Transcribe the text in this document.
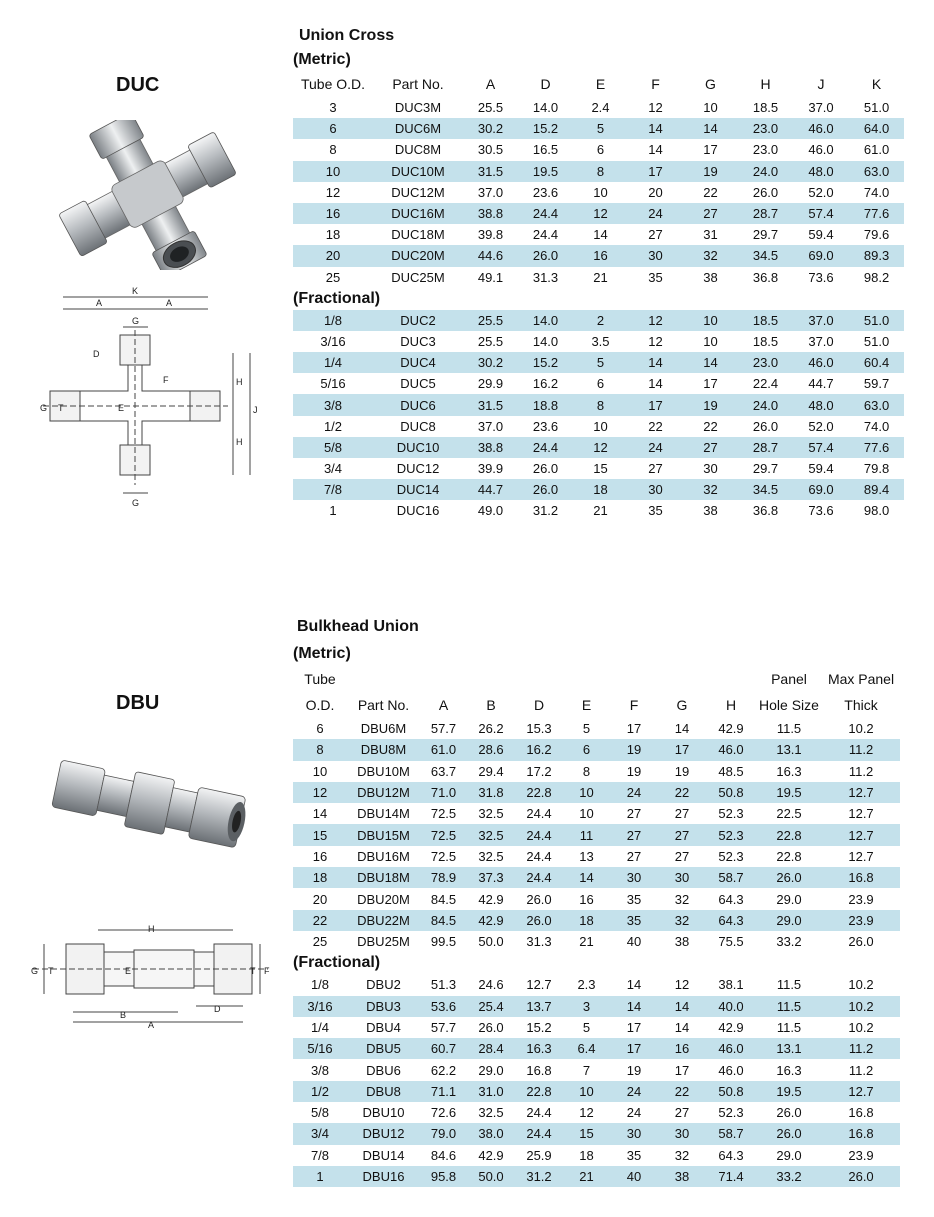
DUC
Union Cross
K
A	A
G
D
F	H
H
J
G T	E
G
(Metric)									
Tube O.D.	Part No.	A	D	E	F	G	H	J	K
3	DUC3M	25.5	14.0	2.4	12	10	18.5	37.0	51.0
6	DUC6M	30.2	15.2	5	14	14	23.0	46.0	64.0
8	DUC8M	30.5	16.5	6	14	17	23.0	46.0	61.0
10	DUC10M	31.5	19.5	8	17	19	24.0	48.0	63.0
12	DUC12M	37.0	23.6	10	20	22	26.0	52.0	74.0
16	DUC16M	38.8	24.4	12	24	27	28.7	57.4	77.6
18	DUC18M	39.8	24.4	14	27	31	29.7	59.4	79.6
20	DUC20M	44.6	26.0	16	30	32	34.5	69.0	89.3
25	DUC25M	49.1	31.3	21	35	38	36.8	73.6	98.2
(Fractional)									
1/8	DUC2	25.5	14.0	2	12	10	18.5	37.0	51.0
3/16	DUC3	25.5	14.0	3.5	12	10	18.5	37.0	51.0
1/4	DUC4	30.2	15.2	5	14	14	23.0	46.0	60.4
5/16	DUC5	29.9	16.2	6	14	17	22.4	44.7	59.7
3/8	DUC6	31.5	18.8	8	17	19	24.0	48.0	63.0
1/2	DUC8	37.0	23.6	10	22	22	26.0	52.0	74.0
5/8	DUC10	38.8	24.4	12	24	27	28.7	57.4	77.6
3/4	DUC12	39.9	26.0	15	27	30	29.7	59.4	79.8
7/8	DUC14	44.7	26.0	18	30	32	34.5	69.0	89.4
1	DUC16	49.0	31.2	21	35	38	36.8	73.6	98.0
DBU
Bulkhead Union
H
G T	E	T F
B
D
A
(Metric)										
Tube									Panel	Max Panel
O.D.	Part No.	A	B	D	E	F	G	H	Hole Size	Thick
6	DBU6M	57.7	26.2	15.3	5	17	14	42.9	11.5	10.2
8	DBU8M	61.0	28.6	16.2	6	19	17	46.0	13.1	11.2
10	DBU10M	63.7	29.4	17.2	8	19	19	48.5	16.3	11.2
12	DBU12M	71.0	31.8	22.8	10	24	22	50.8	19.5	12.7
14	DBU14M	72.5	32.5	24.4	10	27	27	52.3	22.5	12.7
15	DBU15M	72.5	32.5	24.4	11	27	27	52.3	22.8	12.7
16	DBU16M	72.5	32.5	24.4	13	27	27	52.3	22.8	12.7
18	DBU18M	78.9	37.3	24.4	14	30	30	58.7	26.0	16.8
20	DBU20M	84.5	42.9	26.0	16	35	32	64.3	29.0	23.9
22	DBU22M	84.5	42.9	26.0	18	35	32	64.3	29.0	23.9
25	DBU25M	99.5	50.0	31.3	21	40	38	75.5	33.2	26.0
(Fractional)										
1/8	DBU2	51.3	24.6	12.7	2.3	14	12	38.1	11.5	10.2
3/16	DBU3	53.6	25.4	13.7	3	14	14	40.0	11.5	10.2
1/4	DBU4	57.7	26.0	15.2	5	17	14	42.9	11.5	10.2
5/16	DBU5	60.7	28.4	16.3	6.4	17	16	46.0	13.1	11.2
3/8	DBU6	62.2	29.0	16.8	7	19	17	46.0	16.3	11.2
1/2	DBU8	71.1	31.0	22.8	10	24	22	50.8	19.5	12.7
5/8	DBU10	72.6	32.5	24.4	12	24	27	52.3	26.0	16.8
3/4	DBU12	79.0	38.0	24.4	15	30	30	58.7	26.0	16.8
7/8	DBU14	84.6	42.9	25.9	18	35	32	64.3	29.0	23.9
1	DBU16	95.8	50.0	31.2	21	40	38	71.4	33.2	26.0
